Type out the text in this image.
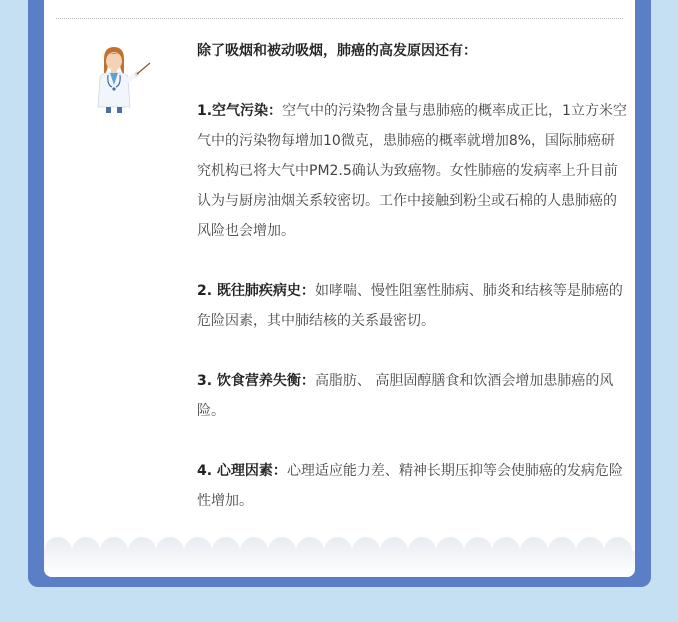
除了吸烟和被动吸烟，肺癌的高发原因还有：

1.空气污染：空气中的污染物含量与患肺癌的概率成正比，1立方米空气中的污染物每增加10微克，患肺癌的概率就增加8%，国际肺癌研究机构已将大气中PM2.5确认为致癌物。女性肺癌的发病率上升目前认为与厨房油烟关系较密切。工作中接触到粉尘或石棉的人患肺癌的风险也会增加。

2. 既往肺疾病史：如哮喘、慢性阻塞性肺病、肺炎和结核等是肺癌的危险因素，其中肺结核的关系最密切。

3. 饮食营养失衡：高脂肪、 高胆固醇膳食和饮酒会增加患肺癌的风险。

4. 心理因素：心理适应能力差、精神长期压抑等会使肺癌的发病危险性增加。
